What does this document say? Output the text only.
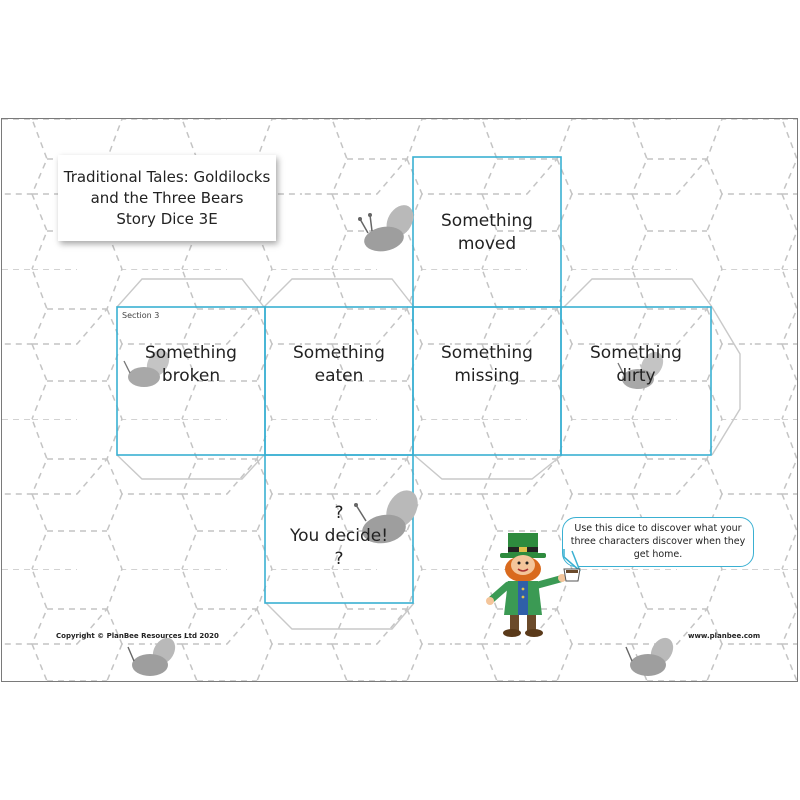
Traditional Tales: Goldilocks
and the Three Bears
Story Dice 3E
Section 3
Something
moved
Something
broken
Something
eaten
Something
missing
Something
dirty
?
You decide!
?
Use this dice to discover what your three characters discover when they get home.
Copyright © PlanBee Resources Ltd 2020	www.planbee.com
